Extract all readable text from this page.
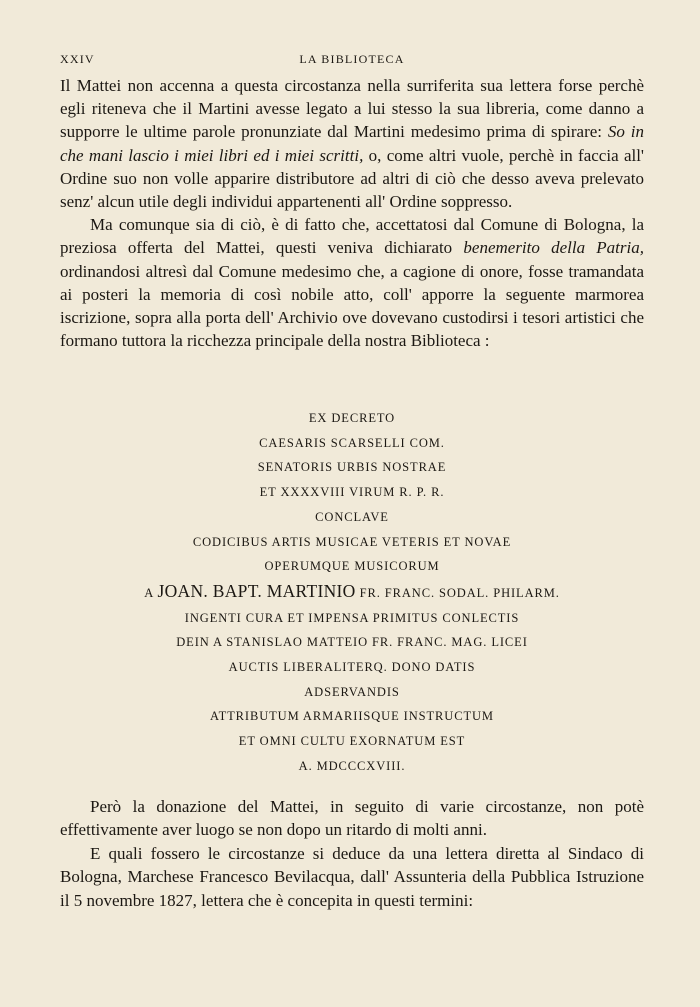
XXIV	LA BIBLIOTECA

Il Mattei non accenna a questa circostanza nella surriferita sua lettera forse perchè egli riteneva che il Martini avesse legato a lui stesso la sua libreria, come danno a supporre le ultime parole pronunziate dal Martini medesimo prima di spirare: So in che mani lascio i miei libri ed i miei scritti, o, come altri vuole, perchè in faccia all' Ordine suo non volle apparire distributore ad altri di ciò che desso aveva prelevato senz' alcun utile degli individui appartenenti all' Ordine soppresso.

Ma comunque sia di ciò, è di fatto che, accettatosi dal Comune di Bologna, la preziosa offerta del Mattei, questi veniva dichiarato benemerito della Patria, ordinandosi altresì dal Comune medesimo che, a cagione di onore, fosse tramandata ai posteri la memoria di così nobile atto, coll' apporre la seguente marmorea iscrizione, sopra alla porta dell' Archivio ove dovevano custodirsi i tesori artistici che formano tuttora la ricchezza principale della nostra Biblioteca :

EX DECRETO
CAESARIS SCARSELLI COM.
SENATORIS URBIS NOSTRAE
ET XXXXVIII VIRUM R. P. R.
CONCLAVE
CODICIBUS ARTIS MUSICAE VETERIS ET NOVAE
OPERUMQUE MUSICORUM
A JOAN. BAPT. MARTINIO FR. FRANC. SODAL. PHILARM.
INGENTI CURA ET IMPENSA PRIMITUS CONLECTIS
DEIN A STANISLAO MATTEIO FR. FRANC. MAG. LICEI
AUCTIS LIBERALITERQ. DONO DATIS
ADSERVANDIS
ATTRIBUTUM ARMARIISQUE INSTRUCTUM
ET OMNI CULTU EXORNATUM EST
A. MDCCCXVIII.

Però la donazione del Mattei, in seguito di varie circostanze, non potè effettivamente aver luogo se non dopo un ritardo di molti anni.

E quali fossero le circostanze si deduce da una lettera diretta al Sindaco di Bologna, Marchese Francesco Bevilacqua, dall' Assunteria della Pubblica Istruzione il 5 novembre 1827, lettera che è concepita in questi termini:
